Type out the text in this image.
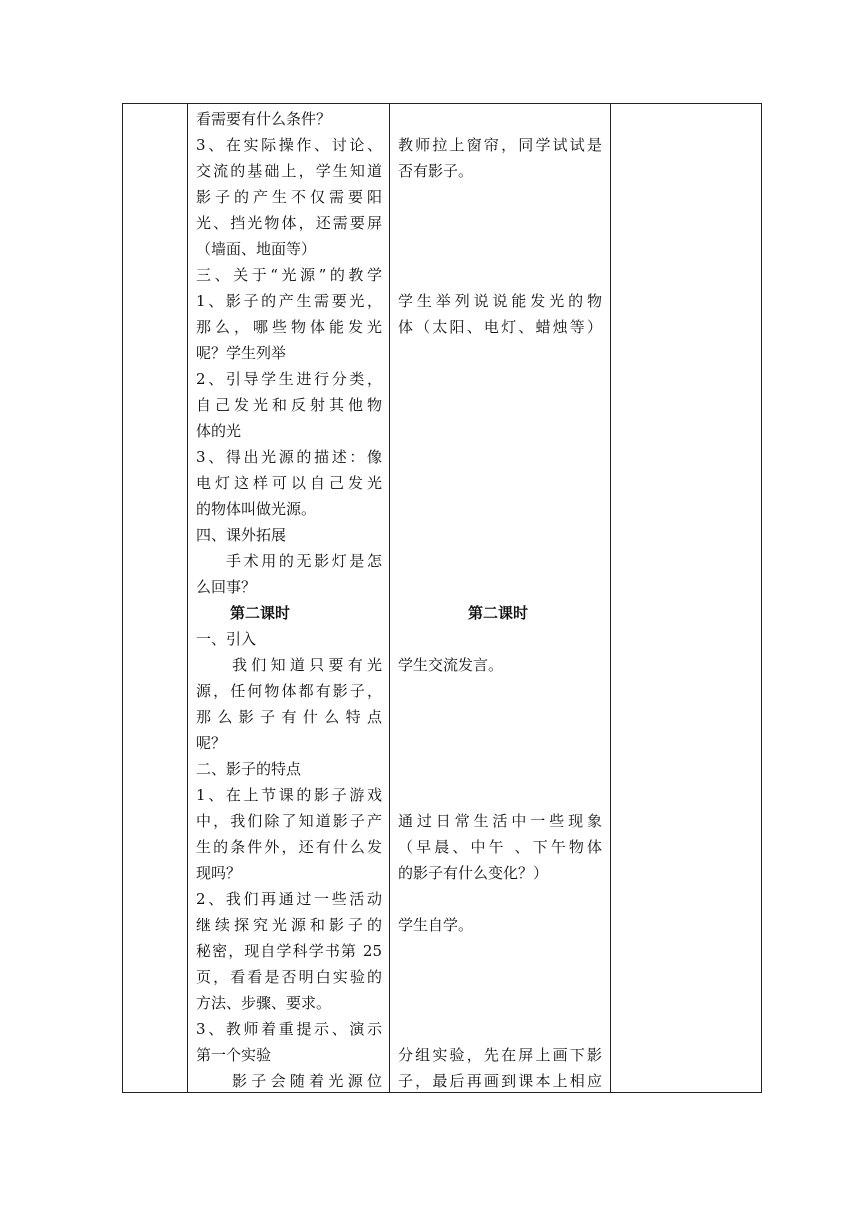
看需要有什么条件？
3、在实际操作、讨论、
交流的基础上，学生知道
影子的产生不仅需要阳
光、挡光物体，还需要屏
（墙面、地面等）
三、关于“光源”的教学
1、影子的产生需要光，
那么，哪些物体能发光
呢？学生列举
2、引导学生进行分类，
自己发光和反射其他物
体的光
3、得出光源的描述：像
电灯这样可以自己发光
的物体叫做光源。
四、课外拓展
手术用的无影灯是怎
么回事？
第二课时
一、引入
我们知道只要有光
源，任何物体都有影子，
那么影子有什么特点
呢？
二、影子的特点
1、在上节课的影子游戏
中，我们除了知道影子产
生的条件外，还有什么发
现吗？
2、我们再通过一些活动
继续探究光源和影子的
秘密，现自学科学书第 25
页，看看是否明白实验的
方法、步骤、要求。
3、教师着重提示、演示
第一个实验
影子会随着光源位
教师拉上窗帘，同学试试是
否有影子。
学生举列说说能发光的物
体（太阳、电灯、蜡烛等）
第二课时
学生交流发言。
通过日常生活中一些现象
（早晨、中午 、下午物体
的影子有什么变化？）
学生自学。
分组实验，先在屏上画下影
子，最后再画到课本上相应
